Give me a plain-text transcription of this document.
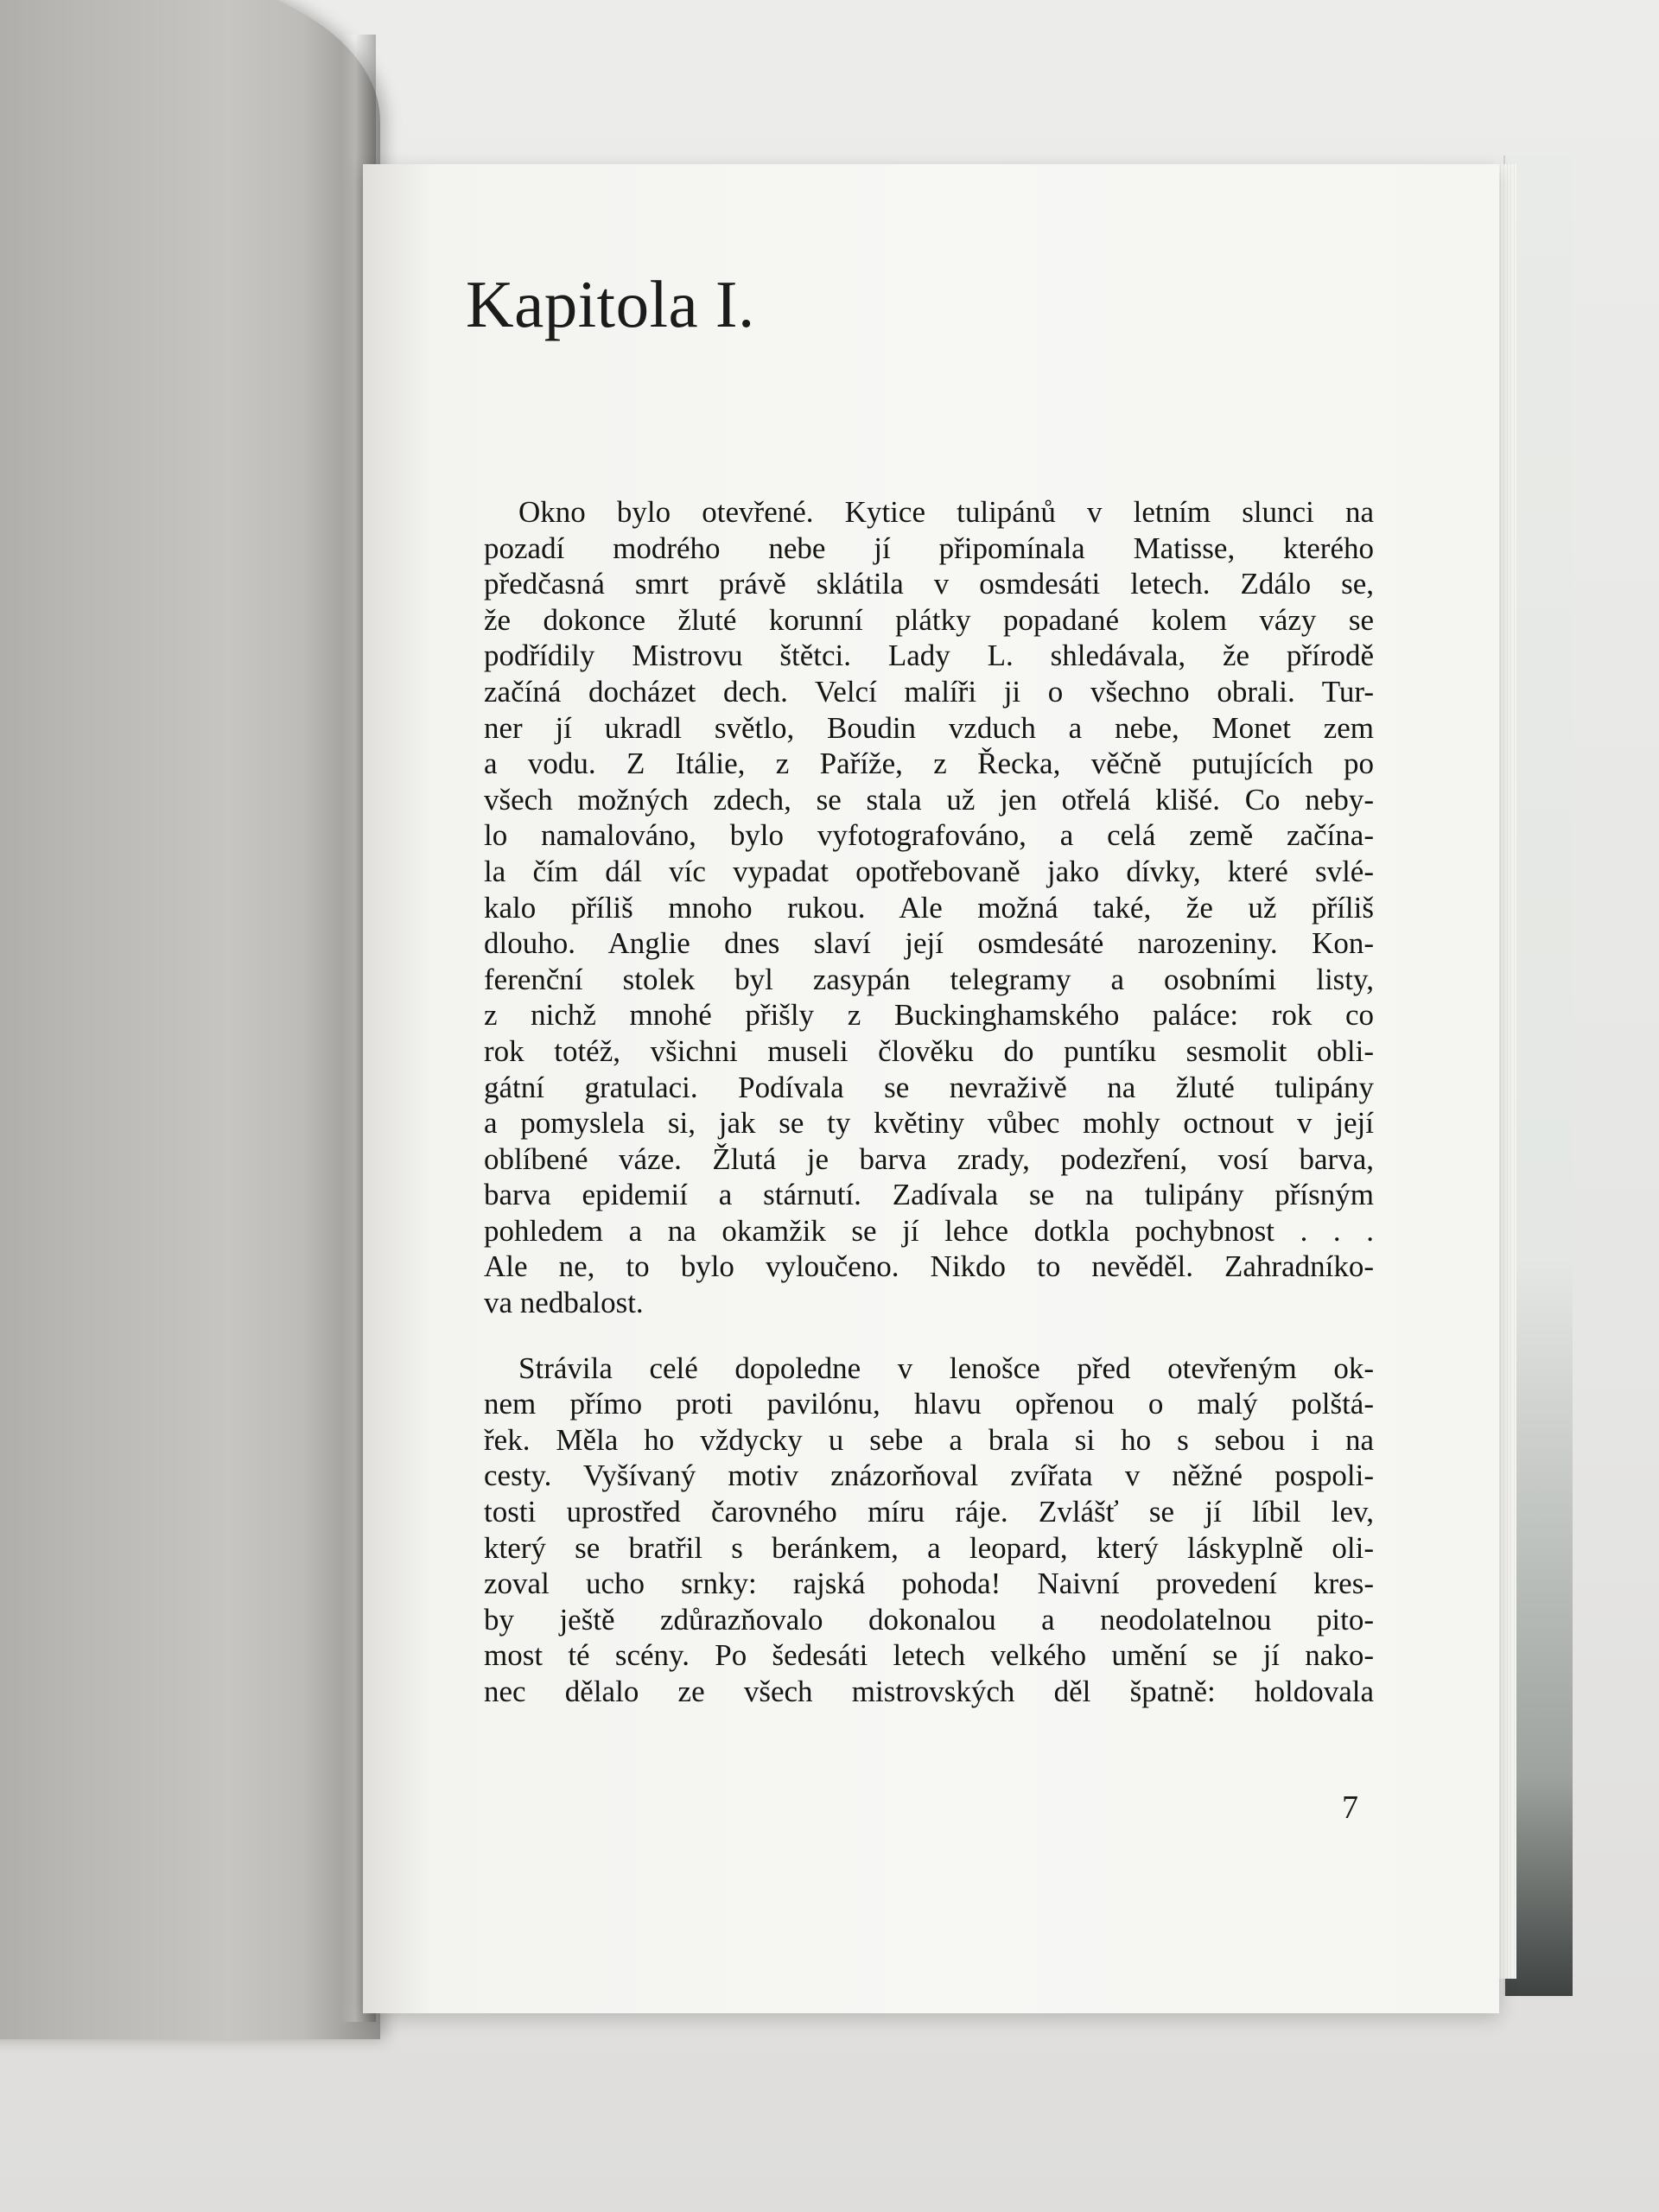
Kapitola I.
Okno bylo otevřené. Kytice tulipánů v letním slunci na
pozadí modrého nebe jí připomínala Matisse, kterého
předčasná smrt právě sklátila v osmdesáti letech. Zdálo se,
že dokonce žluté korunní plátky popadané kolem vázy se
podřídily Mistrovu štětci. Lady L. shledávala, že přírodě
začíná docházet dech. Velcí malíři ji o všechno obrali. Tur-
ner jí ukradl světlo, Boudin vzduch a nebe, Monet zem
a vodu. Z Itálie, z Paříže, z Řecka, věčně putujících po
všech možných zdech, se stala už jen otřelá klišé. Co neby-
lo namalováno, bylo vyfotografováno, a celá země začína-
la čím dál víc vypadat opotřebovaně jako dívky, které svlé-
kalo příliš mnoho rukou. Ale možná také, že už příliš
dlouho. Anglie dnes slaví její osmdesáté narozeniny. Kon-
ferenční stolek byl zasypán telegramy a osobními listy,
z nichž mnohé přišly z Buckinghamského paláce: rok co
rok totéž, všichni museli člověku do puntíku sesmolit obli-
gátní gratulaci. Podívala se nevraživě na žluté tulipány
a pomyslela si, jak se ty květiny vůbec mohly octnout v její
oblíbené váze. Žlutá je barva zrady, podezření, vosí barva,
barva epidemií a stárnutí. Zadívala se na tulipány přísným
pohledem a na okamžik se jí lehce dotkla pochybnost . . .
Ale ne, to bylo vyloučeno. Nikdo to nevěděl. Zahradníko-
va nedbalost.
Strávila celé dopoledne v lenošce před otevřeným ok-
nem přímo proti pavilónu, hlavu opřenou o malý polštá-
řek. Měla ho vždycky u sebe a brala si ho s sebou i na
cesty. Vyšívaný motiv znázorňoval zvířata v něžné pospoli-
tosti uprostřed čarovného míru ráje. Zvlášť se jí líbil lev,
který se bratřil s beránkem, a leopard, který láskyplně oli-
zoval ucho srnky: rajská pohoda! Naivní provedení kres-
by ještě zdůrazňovalo dokonalou a neodolatelnou pito-
most té scény. Po šedesáti letech velkého umění se jí nako-
nec dělalo ze všech mistrovských děl špatně: holdovala
7
